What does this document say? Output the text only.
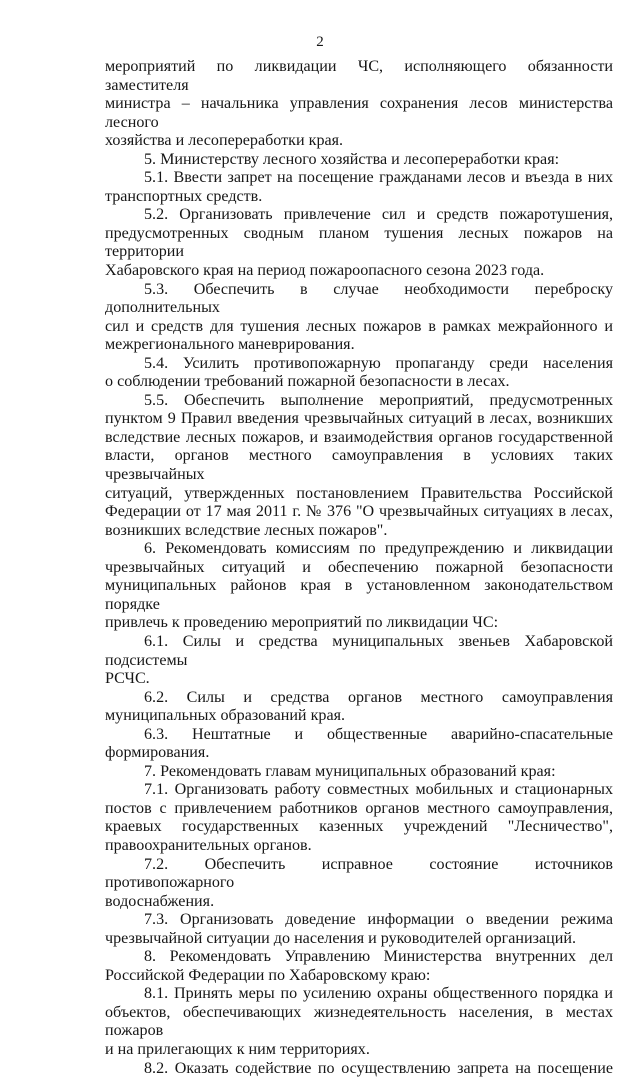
2
мероприятий по ликвидации ЧС, исполняющего обязанности заместителя
министра – начальника управления сохранения лесов министерства лесного
хозяйства и лесопереработки края.
5. Министерству лесного хозяйства и лесопереработки края:
5.1. Ввести запрет на посещение гражданами лесов и въезда в них
транспортных средств.
5.2. Организовать привлечение сил и средств пожаротушения,
предусмотренных сводным планом тушения лесных пожаров на территории
Хабаровского края на период пожароопасного сезона 2023 года.
5.3. Обеспечить в случае необходимости переброску дополнительных
сил и средств для тушения лесных пожаров в рамках межрайонного и
межрегионального маневрирования.
5.4. Усилить противопожарную пропаганду среди населения
о соблюдении требований пожарной безопасности в лесах.
5.5. Обеспечить выполнение мероприятий, предусмотренных
пунктом 9 Правил введения чрезвычайных ситуаций в лесах, возникших
вследствие лесных пожаров, и взаимодействия органов государственной
власти, органов местного самоуправления в условиях таких чрезвычайных
ситуаций, утвержденных постановлением Правительства Российской
Федерации от 17 мая 2011 г. № 376 "О чрезвычайных ситуациях в лесах,
возникших вследствие лесных пожаров".
6. Рекомендовать комиссиям по предупреждению и ликвидации
чрезвычайных ситуаций и обеспечению пожарной безопасности
муниципальных районов края в установленном законодательством порядке
привлечь к проведению мероприятий по ликвидации ЧС:
6.1. Силы и средства муниципальных звеньев Хабаровской подсистемы
РСЧС.
6.2. Силы и средства органов местного самоуправления
муниципальных образований края.
6.3. Нештатные и общественные аварийно-спасательные формирования.
7. Рекомендовать главам муниципальных образований края:
7.1. Организовать работу совместных мобильных и стационарных
постов с привлечением работников органов местного самоуправления,
краевых государственных казенных учреждений "Лесничество",
правоохранительных органов.
7.2. Обеспечить исправное состояние источников противопожарного
водоснабжения.
7.3. Организовать доведение информации о введении режима
чрезвычайной ситуации до населения и руководителей организаций.
8. Рекомендовать Управлению Министерства внутренних дел
Российской Федерации по Хабаровскому краю:
8.1. Принять меры по усилению охраны общественного порядка и
объектов, обеспечивающих жизнедеятельность населения, в местах пожаров
и на прилегающих к ним территориях.
8.2. Оказать содействие по осуществлению запрета на посещение
